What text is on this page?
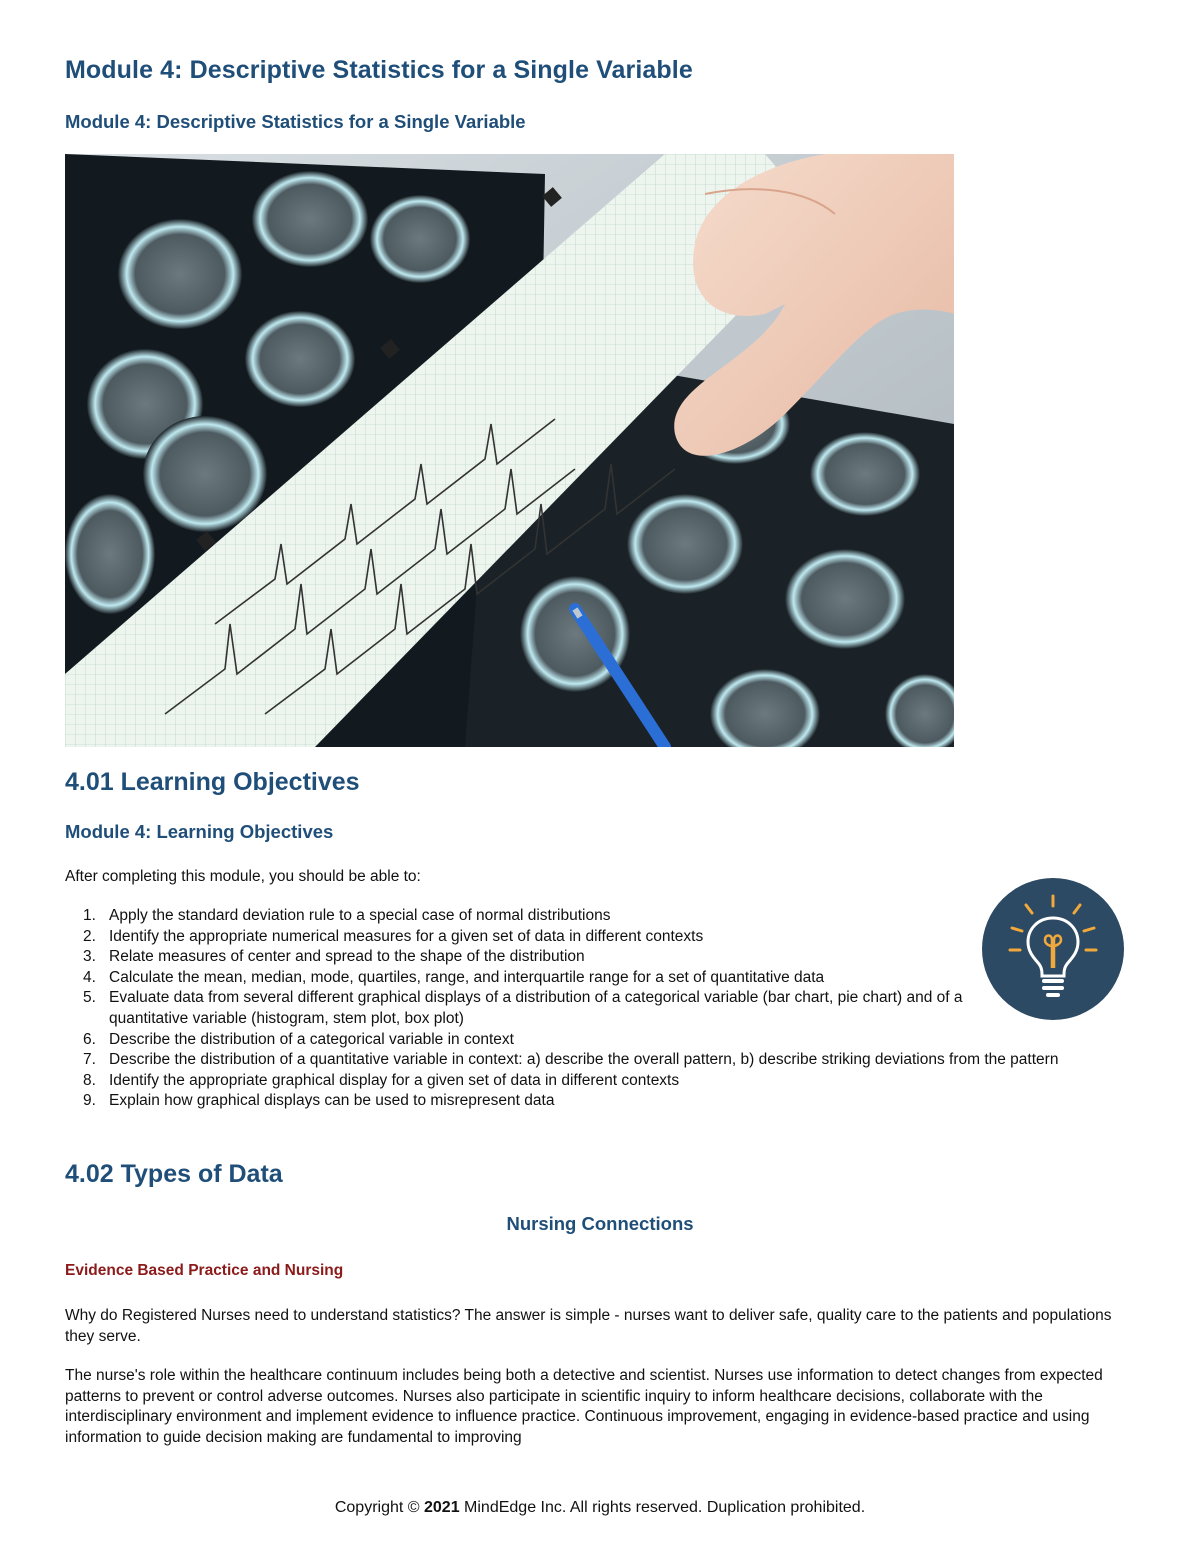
Module 4: Descriptive Statistics for a Single Variable
Module 4: Descriptive Statistics for a Single Variable
4.01 Learning Objectives
Module 4: Learning Objectives

After completing this module, you should be able to:

1. Apply the standard deviation rule to a special case of normal distributions
2. Identify the appropriate numerical measures for a given set of data in different contexts
3. Relate measures of center and spread to the shape of the distribution
4. Calculate the mean, median, mode, quartiles, range, and interquartile range for a set of quantitative data
5. Evaluate data from several different graphical displays of a distribution of a categorical variable (bar chart, pie chart) and of a quantitative variable (histogram, stem plot, box plot)
6. Describe the distribution of a categorical variable in context
7. Describe the distribution of a quantitative variable in context: a) describe the overall pattern, b) describe striking deviations from the pattern
8. Identify the appropriate graphical display for a given set of data in different contexts
9. Explain how graphical displays can be used to misrepresent data
4.02 Types of Data
Nursing Connections
Evidence Based Practice and Nursing

Why do Registered Nurses need to understand statistics? The answer is simple - nurses want to deliver safe, quality care to the patients and populations they serve.

The nurse's role within the healthcare continuum includes being both a detective and scientist. Nurses use information to detect changes from expected patterns to prevent or control adverse outcomes. Nurses also participate in scientific inquiry to inform healthcare decisions, collaborate with the interdisciplinary environment and implement evidence to influence practice. Continuous improvement, engaging in evidence-based practice and using information to guide decision making are fundamental to improving

Copyright © 2021 MindEdge Inc. All rights reserved. Duplication prohibited.
